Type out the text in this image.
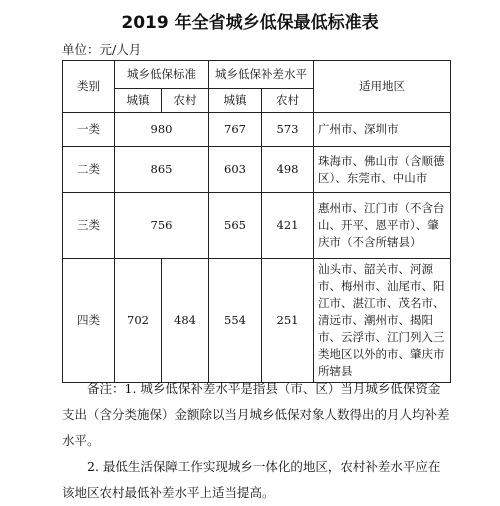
2019 年全省城乡低保最低标准表
单位：元/人月
类别	城乡低保标准		城乡低保补差水平		适用地区
	城镇	农村	城镇	农村	
一类	980		767	573	广州市、深圳市
二类	865		603	498	珠海市、佛山市（含顺德区）、东莞市、中山市
三类	756		565	421	惠州市、江门市（不含台山、开平、恩平市）、肇庆市（不含所辖县）
四类	702	484	554	251	汕头市、韶关市、河源市、梅州市、汕尾市、阳江市、湛江市、茂名市、清远市、潮州市、揭阳市、云浮市、江门列入三类地区以外的市、肇庆市所辖县

备注：1. 城乡低保补差水平是指县（市、区）当月城乡低保资金支出（含分类施保）金额除以当月城乡低保对象人数得出的月人均补差水平。

2. 最低生活保障工作实现城乡一体化的地区，农村补差水平应在该地区农村最低补差水平上适当提高。
